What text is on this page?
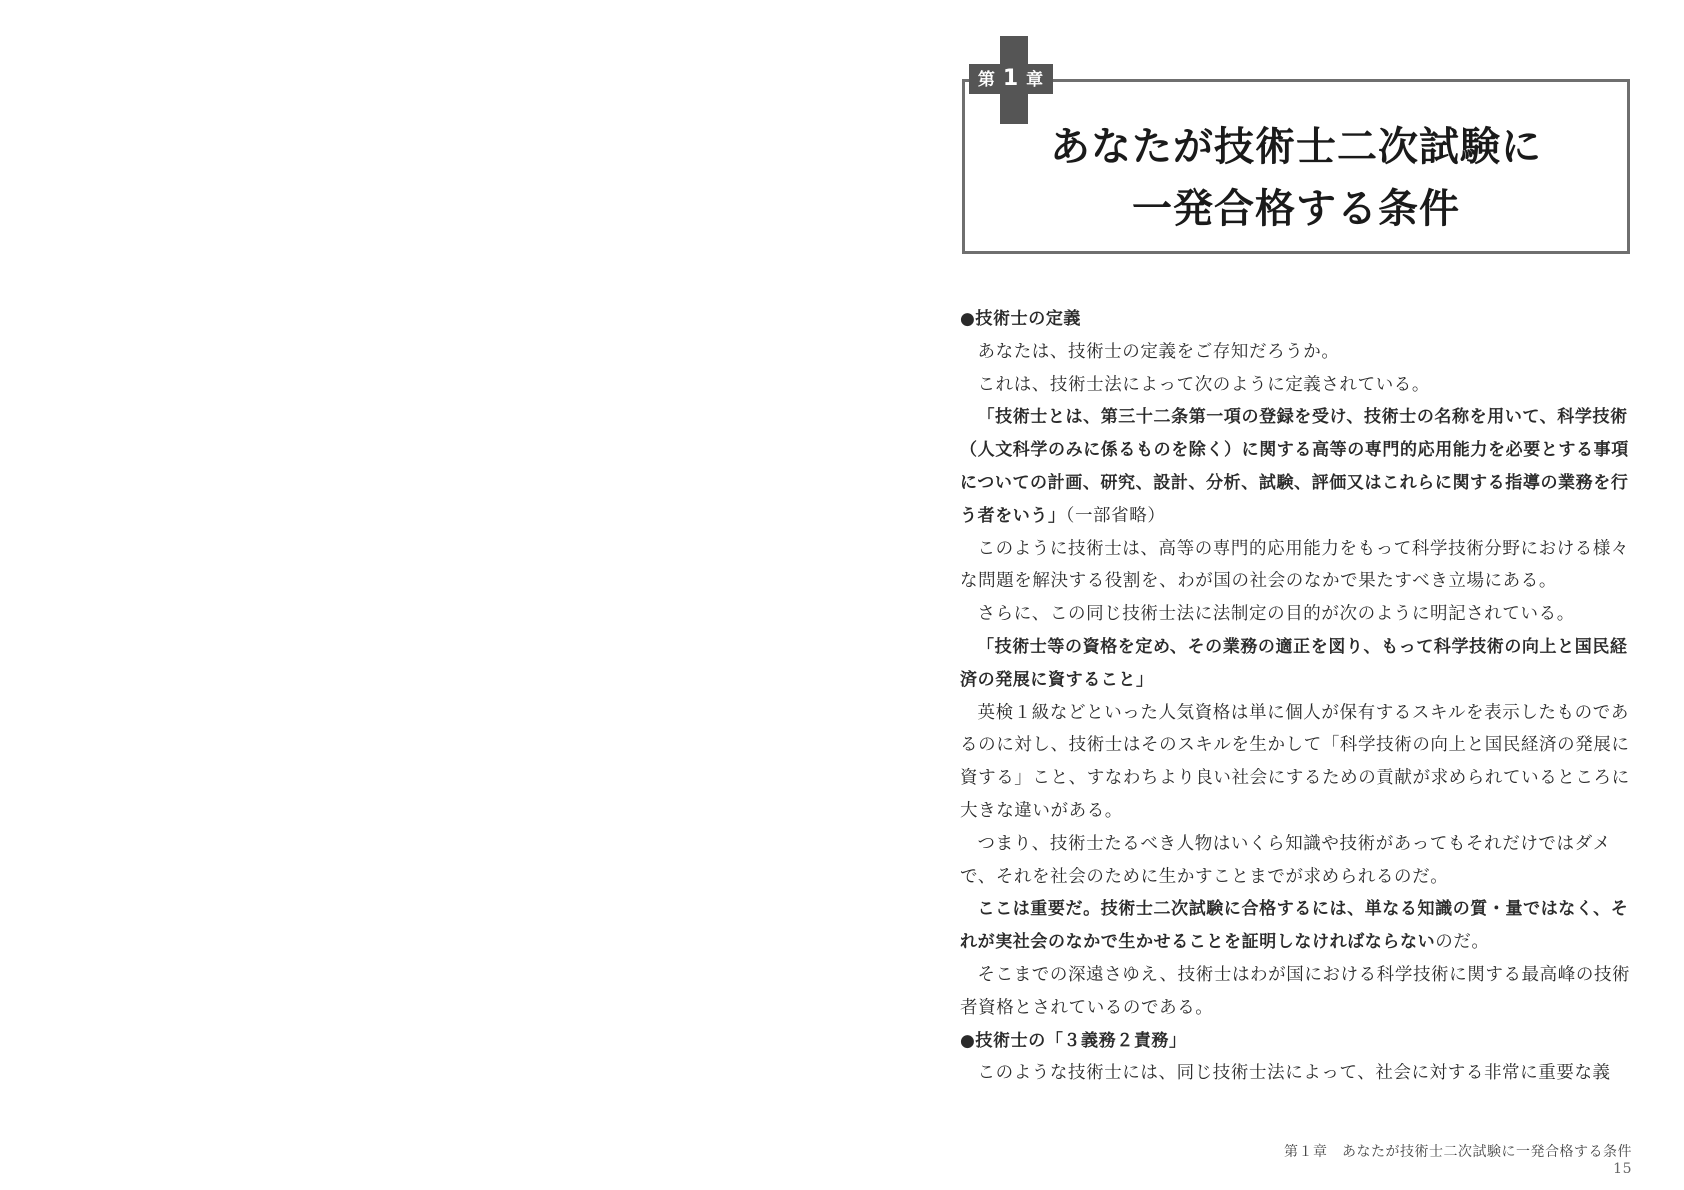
第 1 章
あなたが技術士二次試験に
一発合格する条件

●技術士の定義

あなたは、技術士の定義をご存知だろうか。

これは、技術士法によって次のように定義されている。

「技術士とは、第三十二条第一項の登録を受け、技術士の名称を用いて、科学技術（人文科学のみに係るものを除く）に関する高等の専門的応用能力を必要とする事項についての計画、研究、設計、分析、試験、評価又はこれらに関する指導の業務を行う者をいう」（一部省略）

このように技術士は、高等の専門的応用能力をもって科学技術分野における様々な問題を解決する役割を、わが国の社会のなかで果たすべき立場にある。

さらに、この同じ技術士法に法制定の目的が次のように明記されている。

「技術士等の資格を定め、その業務の適正を図り、もって科学技術の向上と国民経済の発展に資すること」

英検１級などといった人気資格は単に個人が保有するスキルを表示したものであるのに対し、技術士はそのスキルを生かして「科学技術の向上と国民経済の発展に資する」こと、すなわちより良い社会にするための貢献が求められているところに大きな違いがある。

つまり、技術士たるべき人物はいくら知識や技術があってもそれだけではダメで、それを社会のために生かすことまでが求められるのだ。

ここは重要だ。技術士二次試験に合格するには、単なる知識の質・量ではなく、それが実社会のなかで生かせることを証明しなければならないのだ。

そこまでの深遠さゆえ、技術士はわが国における科学技術に関する最高峰の技術者資格とされているのである。

●技術士の「３義務２責務」

このような技術士には、同じ技術士法によって、社会に対する非常に重要な義

第１章　あなたが技術士二次試験に一発合格する条件15
